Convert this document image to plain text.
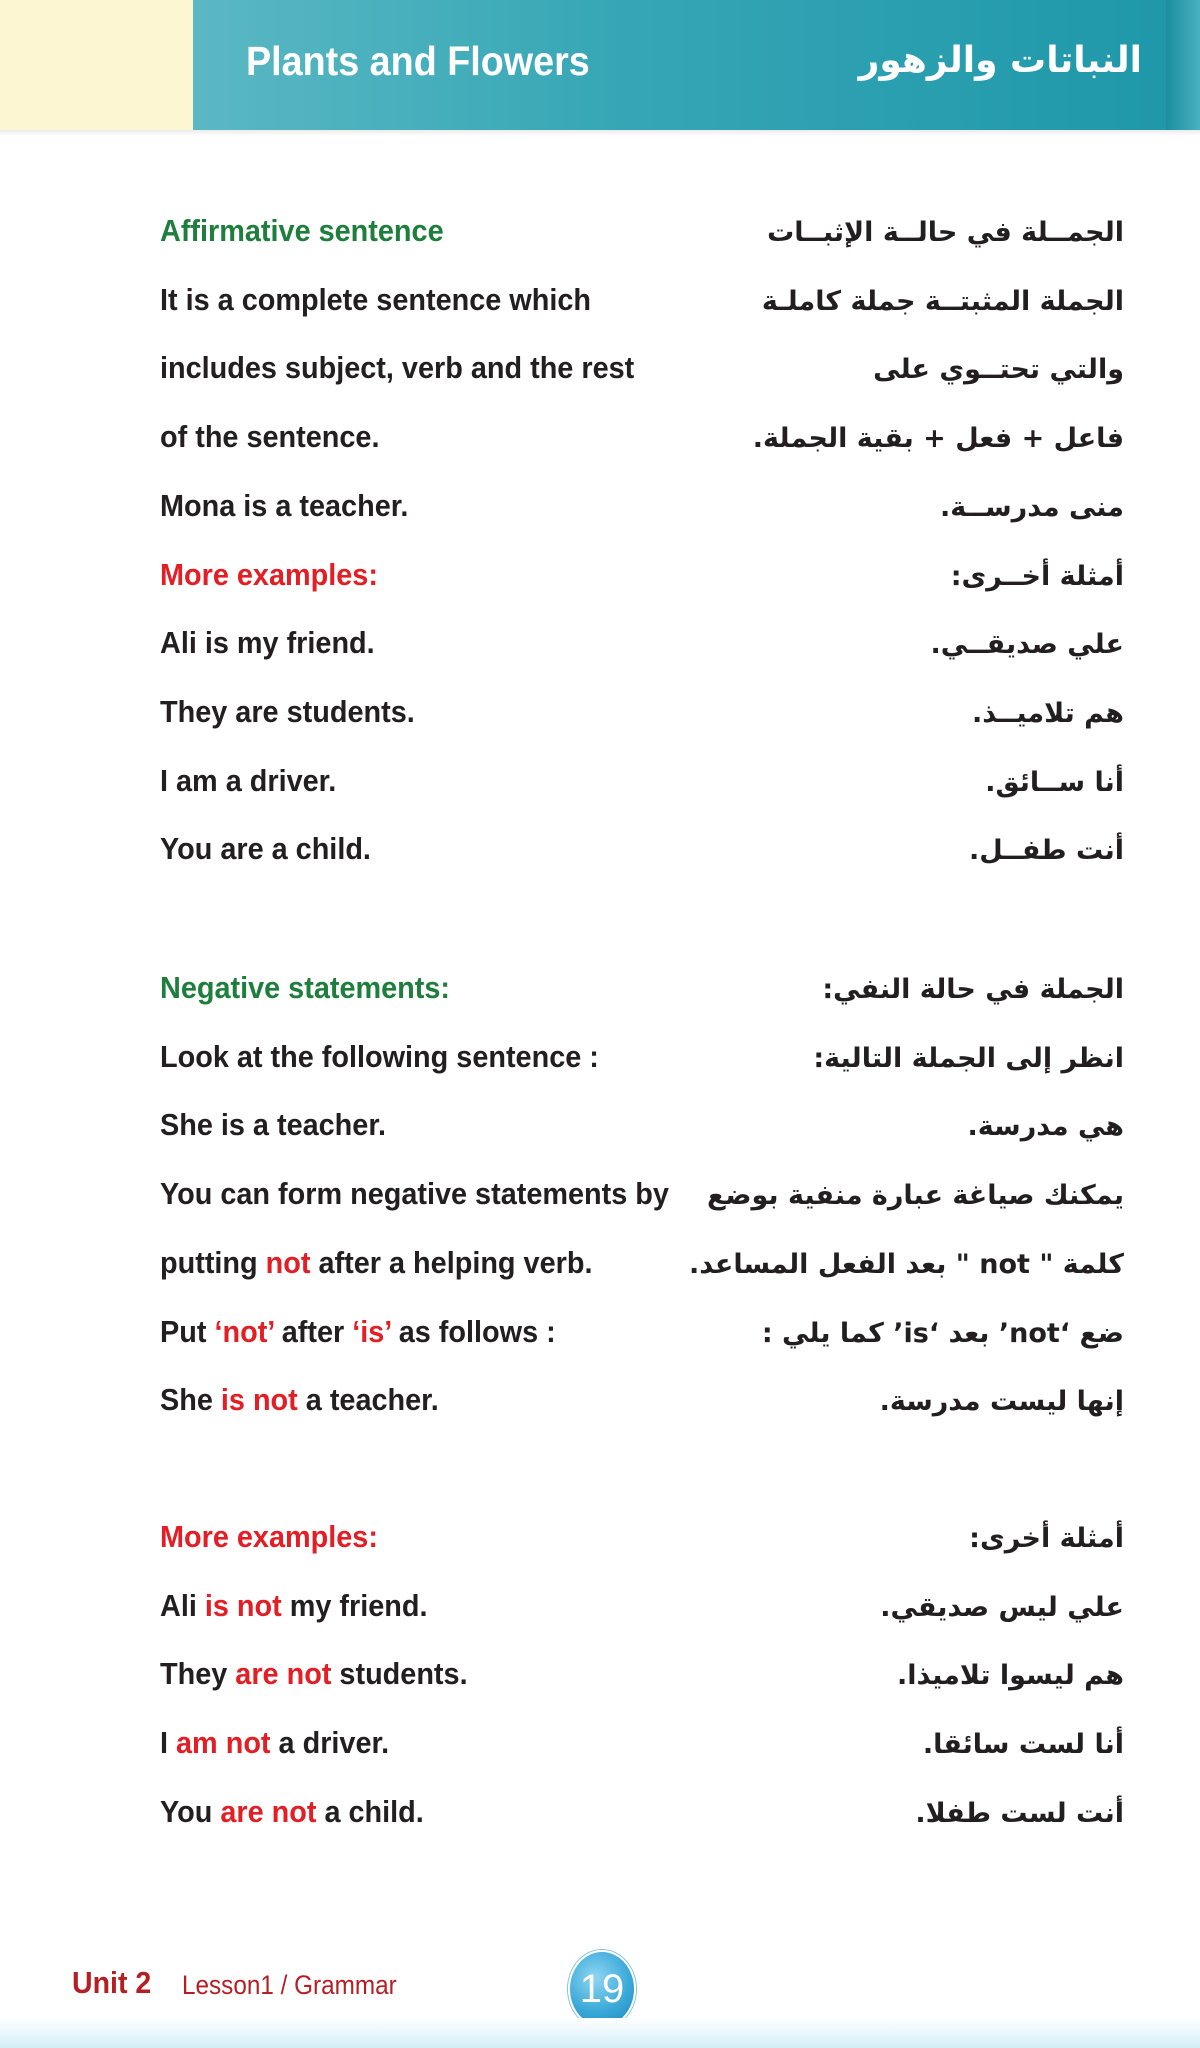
Plants and Flowers	النباتات والزهور
Affirmative sentence	الجمــلة في حالــة الإثبــات
It is a complete sentence which	الجملة المثبتــة جملة كاملـة
includes subject, verb and the rest	والتي تحتــوي على
of the sentence.	فاعل + فعل + بقية الجملة.
Mona is a teacher.	منى مدرســة.
More examples:	أمثلة أخــرى:
Ali is my friend.	علي صديقــي.
They are students.	هم تلاميــذ.
I am a driver.	أنا ســائق.
You are a child.	أنت طفــل.
Negative statements:	الجملة في حالة النفي:
Look at the following sentence :	انظر إلى الجملة التالية:
She is a teacher.	هي مدرسة.
You can form negative statements by يمكنك صياغة عبارة منفية بوضع
putting not after a helping verb.	كلمة " not " بعد الفعل المساعد.
Put ‘not’ after ‘is’ as follows :	ضع ‘not’ بعد ‘is’ كما يلي :
She is not a teacher.	إنها ليست مدرسة.
More examples:	أمثلة أخرى:
Ali is not my friend.	علي ليس صديقي.
They are not students.	هم ليسوا تلاميذا.
I am not a driver.	أنا لست سائقا.
You are not a child.	أنت لست طفلا.
Unit 2 Lesson1 / Grammar	19
